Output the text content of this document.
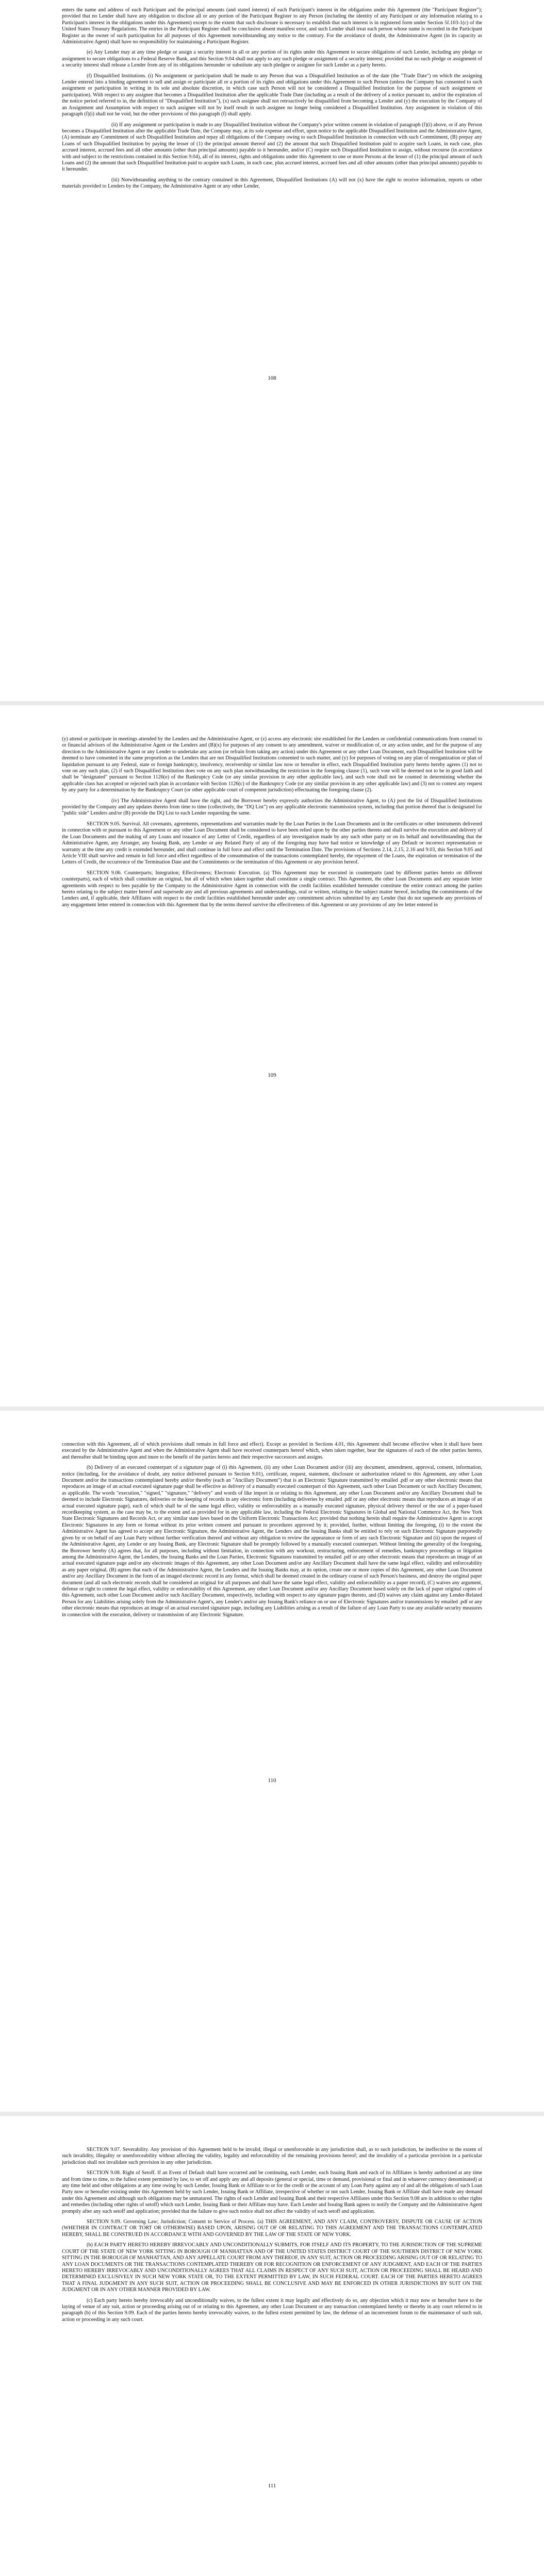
enters the name and address of each Participant and the principal amounts (and stated interest) of each Participant's interest in the obligations under this Agreement (the "Participant Register"); provided that no Lender shall have any obligation to disclose all or any portion of the Participant Register to any Person (including the identity of any Participant or any information relating to a Participant's interest in the obligations under this Agreement) except to the extent that such disclosure is necessary to establish that such interest is in registered form under Section 5f.103-1(c) of the United States Treasury Regulations. The entries in the Participant Register shall be conclusive absent manifest error, and such Lender shall treat each person whose name is recorded in the Participant Register as the owner of such participation for all purposes of this Agreement notwithstanding any notice to the contrary. For the avoidance of doubt, the Administrative Agent (in its capacity as Administrative Agent) shall have no responsibility for maintaining a Participant Register.

(e) Any Lender may at any time pledge or assign a security interest in all or any portion of its rights under this Agreement to secure obligations of such Lender, including any pledge or assignment to secure obligations to a Federal Reserve Bank, and this Section 9.04 shall not apply to any such pledge or assignment of a security interest; provided that no such pledge or assignment of a security interest shall release a Lender from any of its obligations hereunder or substitute any such pledgee or assignee for such Lender as a party hereto.

(f) Disqualified Institutions. (i) No assignment or participation shall be made to any Person that was a Disqualified Institution as of the date (the "Trade Date") on which the assigning Lender entered into a binding agreement to sell and assign or participate all or a portion of its rights and obligations under this Agreement to such Person (unless the Company has consented to such assignment or participation in writing in its sole and absolute discretion, in which case such Person will not be considered a Disqualified Institution for the purpose of such assignment or participation). With respect to any assignee that becomes a Disqualified Institution after the applicable Trade Date (including as a result of the delivery of a notice pursuant to, and/or the expiration of the notice period referred to in, the definition of "Disqualified Institution"), (x) such assignee shall not retroactively be disqualified from becoming a Lender and (y) the execution by the Company of an Assignment and Assumption with respect to such assignee will not by itself result in such assignee no longer being considered a Disqualified Institution. Any assignment in violation of this paragraph (f)(i) shall not be void, but the other provisions of this paragraph (f) shall apply.

(ii) If any assignment or participation is made to any Disqualified Institution without the Company's prior written consent in violation of paragraph (f)(i) above, or if any Person becomes a Disqualified Institution after the applicable Trade Date, the Company may, at its sole expense and effort, upon notice to the applicable Disqualified Institution and the Administrative Agent, (A) terminate any Commitment of such Disqualified Institution and repay all obligations of the Company owing to such Disqualified Institution in connection with such Commitment, (B) prepay any Loans of such Disqualified Institution by paying the lesser of (1) the principal amount thereof and (2) the amount that such Disqualified Institution paid to acquire such Loans, in each case, plus accrued interest, accrued fees and all other amounts (other than principal amounts) payable to it hereunder, and/or (C) require such Disqualified Institution to assign, without recourse (in accordance with and subject to the restrictions contained in this Section 9.04), all of its interest, rights and obligations under this Agreement to one or more Persons at the lesser of (1) the principal amount of such Loans and (2) the amount that such Disqualified Institution paid to acquire such Loans, in each case, plus accrued interest, accrued fees and all other amounts (other than principal amounts) payable to it hereunder.

(iii) Notwithstanding anything to the contrary contained in this Agreement, Disqualified Institutions (A) will not (x) have the right to receive information, reports or other materials provided to Lenders by the Company, the Administrative Agent or any other Lender,

108

(y) attend or participate in meetings attended by the Lenders and the Administrative Agent, or (z) access any electronic site established for the Lenders or confidential communications from counsel to or financial advisors of the Administrative Agent or the Lenders and (B)(x) for purposes of any consent to any amendment, waiver or modification of, or any action under, and for the purpose of any direction to the Administrative Agent or any Lender to undertake any action (or refrain from taking any action) under this Agreement or any other Loan Document, each Disqualified Institution will be deemed to have consented in the same proportion as the Lenders that are not Disqualified Institutions consented to such matter, and (y) for purposes of voting on any plan of reorganization or plan of liquidation pursuant to any Federal, state or foreign bankruptcy, insolvency, receivership or similar law now or hereafter in effect, each Disqualified Institution party hereto hereby agrees (1) not to vote on any such plan, (2) if such Disqualified Institution does vote on any such plan notwithstanding the restriction in the foregoing clause (1), such vote will be deemed not to be in good faith and shall be "designated" pursuant to Section 1126(e) of the Bankruptcy Code (or any similar provision in any other applicable law), and such vote shall not be counted in determining whether the applicable class has accepted or rejected such plan in accordance with Section 1126(c) of the Bankruptcy Code (or any similar provision in any other applicable law) and (3) not to contest any request by any party for a determination by the Bankruptcy Court (or other applicable court of competent jurisdiction) effectuating the foregoing clause (2).

(iv) The Administrative Agent shall have the right, and the Borrower hereby expressly authorizes the Administrative Agent, to (A) post the list of Disqualified Institutions provided by the Company and any updates thereto from time to time (collectively, the "DQ List") on any applicable electronic transmission system, including that portion thereof that is designated for "public side" Lenders and/or (B) provide the DQ List to each Lender requesting the same.

SECTION 9.05. Survival. All covenants, agreements, representations and warranties made by the Loan Parties in the Loan Documents and in the certificates or other instruments delivered in connection with or pursuant to this Agreement or any other Loan Document shall be considered to have been relied upon by the other parties thereto and shall survive the execution and delivery of the Loan Documents and the making of any Loans and issuance of any Letter of Credit, regardless of any investigation made by any such other party or on its behalf and notwithstanding that the Administrative Agent, any Arranger, any Issuing Bank, any Lender or any Related Party of any of the foregoing may have had notice or knowledge of any Default or incorrect representation or warranty at the time any credit is extended hereunder, and shall continue in full force and effect until the Termination Date. The provisions of Sections 2.14, 2.15, 2.16 and 9.03, this Section 9.05 and Article VIII shall survive and remain in full force and effect regardless of the consummation of the transactions contemplated hereby, the repayment of the Loans, the expiration or termination of the Letters of Credit, the occurrence of the Termination Date and the Commitments or the termination of this Agreement or any provision hereof.

SECTION 9.06. Counterparts; Integration; Effectiveness; Electronic Execution. (a) This Agreement may be executed in counterparts (and by different parties hereto on different counterparts), each of which shall constitute an original, but all of which when taken together shall constitute a single contract. This Agreement, the other Loan Documents and any separate letter agreements with respect to fees payable by the Company to the Administrative Agent in connection with the credit facilities established hereunder constitute the entire contract among the parties hereto relating to the subject matter hereof and supersede any and all previous agreements and understandings, oral or written, relating to the subject matter hereof, including the commitments of the Lenders and, if applicable, their Affiliates with respect to the credit facilities established hereunder under any commitment advices submitted by any Lender (but do not supersede any provisions of any engagement letter entered in connection with this Agreement that by the terms thereof survive the effectiveness of this Agreement or any provisions of any fee letter entered in

109

connection with this Agreement, all of which provisions shall remain in full force and effect). Except as provided in Sections 4.01, this Agreement shall become effective when it shall have been executed by the Administrative Agent and when the Administrative Agent shall have received counterparts hereof which, when taken together, bear the signatures of each of the other parties hereto, and thereafter shall be binding upon and inure to the benefit of the parties hereto and their respective successors and assigns.

(b) Delivery of an executed counterpart of a signature page of (i) this Agreement, (ii) any other Loan Document and/or (iii) any document, amendment, approval, consent, information, notice (including, for the avoidance of doubt, any notice delivered pursuant to Section 9.01), certificate, request, statement, disclosure or authorization related to this Agreement, any other Loan Document and/or the transactions contemplated hereby and/or thereby (each an "Ancillary Document") that is an Electronic Signature transmitted by emailed .pdf or any other electronic means that reproduces an image of an actual executed signature page shall be effective as delivery of a manually executed counterpart of this Agreement, such other Loan Document or such Ancillary Document, as applicable. The words "execution," "signed," "signature," "delivery" and words of like import in or relating to this Agreement, any other Loan Document and/or any Ancillary Document shall be deemed to include Electronic Signatures, deliveries or the keeping of records in any electronic form (including deliveries by emailed .pdf or any other electronic means that reproduces an image of an actual executed signature page), each of which shall be of the same legal effect, validity or enforceability as a manually executed signature, physical delivery thereof or the use of a paper-based recordkeeping system, as the case may be, to the extent and as provided for in any applicable law, including the Federal Electronic Signatures in Global and National Commerce Act, the New York State Electronic Signatures and Records Act, or any similar state laws based on the Uniform Electronic Transactions Act; provided that nothing herein shall require the Administrative Agent to accept Electronic Signatures in any form or format without its prior written consent and pursuant to procedures approved by it; provided, further, without limiting the foregoing, (i) to the extent the Administrative Agent has agreed to accept any Electronic Signature, the Administrative Agent, the Lenders and the Issuing Banks shall be entitled to rely on such Electronic Signature purportedly given by or on behalf of any Loan Party without further verification thereof and without any obligation to review the appearance or form of any such Electronic Signature and (ii) upon the request of the Administrative Agent, any Lender or any Issuing Bank, any Electronic Signature shall be promptly followed by a manually executed counterpart. Without limiting the generality of the foregoing, the Borrower hereby (A) agrees that, for all purposes, including without limitation, in connection with any workout, restructuring, enforcement of remedies, bankruptcy proceedings or litigation among the Administrative Agent, the Lenders, the Issuing Banks and the Loan Parties, Electronic Signatures transmitted by emailed .pdf or any other electronic means that reproduces an image of an actual executed signature page and/or any electronic images of this Agreement, any other Loan Document and/or any Ancillary Document shall have the same legal effect, validity and enforceability as any paper original, (B) agrees that each of the Administrative Agent, the Lenders and the Issuing Banks may, at its option, create one or more copies of this Agreement, any other Loan Document and/or any Ancillary Document in the form of an imaged electronic record in any format, which shall be deemed created in the ordinary course of such Person's business, and destroy the original paper document (and all such electronic records shall be considered an original for all purposes and shall have the same legal effect, validity and enforceability as a paper record), (C) waives any argument, defense or right to contest the legal effect, validity or enforceability of this Agreement, any other Loan Document and/or any Ancillary Document based solely on the lack of paper original copies of this Agreement, such other Loan Document and/or such Ancillary Document, respectively, including with respect to any signature pages thereto, and (D) waives any claim against any Lender-Related Person for any Liabilities arising solely from the Administrative Agent's, any Lender's and/or any Issuing Bank's reliance on or use of Electronic Signatures and/or transmissions by emailed .pdf or any other electronic means that reproduces an image of an actual executed signature page, including any Liabilities arising as a result of the failure of any Loan Party to use any available security measures in connection with the execution, delivery or transmission of any Electronic Signature.

110

SECTION 9.07. Severability. Any provision of this Agreement held to be invalid, illegal or unenforceable in any jurisdiction shall, as to such jurisdiction, be ineffective to the extent of such invalidity, illegality or unenforceability without affecting the validity, legality and enforceability of the remaining provisions hereof; and the invalidity of a particular provision in a particular jurisdiction shall not invalidate such provision in any other jurisdiction.

SECTION 9.08. Right of Setoff. If an Event of Default shall have occurred and be continuing, each Lender, each Issuing Bank and each of its Affiliates is hereby authorized at any time and from time to time, to the fullest extent permitted by law, to set off and apply any and all deposits (general or special, time or demand, provisional or final and in whatever currency denominated) at any time held and other obligations at any time owing by such Lender, Issuing Bank or Affiliate to or for the credit or the account of any Loan Party against any of and all the obligations of such Loan Party now or hereafter existing under this Agreement held by such Lender, Issuing Bank or Affiliate, irrespective of whether or not such Lender, Issuing Bank or Affiliate shall have made any demand under this Agreement and although such obligations may be unmatured. The rights of each Lender and Issuing Bank and their respective Affiliates under this Section 9.08 are in addition to other rights and remedies (including other rights of setoff) which such Lender, Issuing Bank or their Affiliate may have. Each Lender and Issuing Bank agrees to notify the Company and the Administrative Agent promptly after any such setoff and application; provided that the failure to give such notice shall not affect the validity of such setoff and application.

SECTION 9.09. Governing Law; Jurisdiction; Consent to Service of Process. (a) THIS AGREEMENT, AND ANY CLAIM, CONTROVERSY, DISPUTE OR CAUSE OF ACTION (WHETHER IN CONTRACT OR TORT OR OTHERWISE) BASED UPON, ARISING OUT OF OR RELATING TO THIS AGREEMENT AND THE TRANSACTIONS CONTEMPLATED HEREBY, SHALL BE CONSTRUED IN ACCORDANCE WITH AND GOVERNED BY THE LAW OF THE STATE OF NEW YORK.

(b) EACH PARTY HERETO HEREBY IRREVOCABLY AND UNCONDITIONALLY SUBMITS, FOR ITSELF AND ITS PROPERTY, TO THE JURISDICTION OF THE SUPREME COURT OF THE STATE OF NEW YORK SITTING IN BOROUGH OF MANHATTAN AND OF THE UNITED STATES DISTRICT COURT OF THE SOUTHERN DISTRICT OF NEW YORK SITTING IN THE BOROUGH OF MANHATTAN, AND ANY APPELLATE COURT FROM ANY THEREOF, IN ANY SUIT, ACTION OR PROCEEDING ARISING OUT OF OR RELATING TO ANY LOAN DOCUMENTS OR THE TRANSACTIONS CONTEMPLATED THEREBY OR FOR RECOGNITION OR ENFORCEMENT OF ANY JUDGMENT, AND EACH OF THE PARTIES HERETO HEREBY IRREVOCABLY AND UNCONDITIONALLY AGREES THAT ALL CLAIMS IN RESPECT OF ANY SUCH SUIT, ACTION OR PROCEEDING SHALL BE HEARD AND DETERMINED EXCLUSIVELY IN SUCH NEW YORK STATE OR, TO THE EXTENT PERMITTED BY LAW, IN SUCH FEDERAL COURT. EACH OF THE PARTIES HERETO AGREES THAT A FINAL JUDGMENT IN ANY SUCH SUIT, ACTION OR PROCEEDING SHALL BE CONCLUSIVE AND MAY BE ENFORCED IN OTHER JURISDICTIONS BY SUIT ON THE JUDGMENT OR IN ANY OTHER MANNER PROVIDED BY LAW.

(c) Each party hereto hereby irrevocably and unconditionally waives, to the fullest extent it may legally and effectively do so, any objection which it may now or hereafter have to the laying of venue of any suit, action or proceeding arising out of or relating to this Agreement, any other Loan Document or any transaction contemplated hereby or thereby in any court referred to in paragraph (b) of this Section 9.09. Each of the parties hereto hereby irrevocably waives, to the fullest extent permitted by law, the defense of an inconvenient forum to the maintenance of such suit, action or proceeding in any such court.

111
